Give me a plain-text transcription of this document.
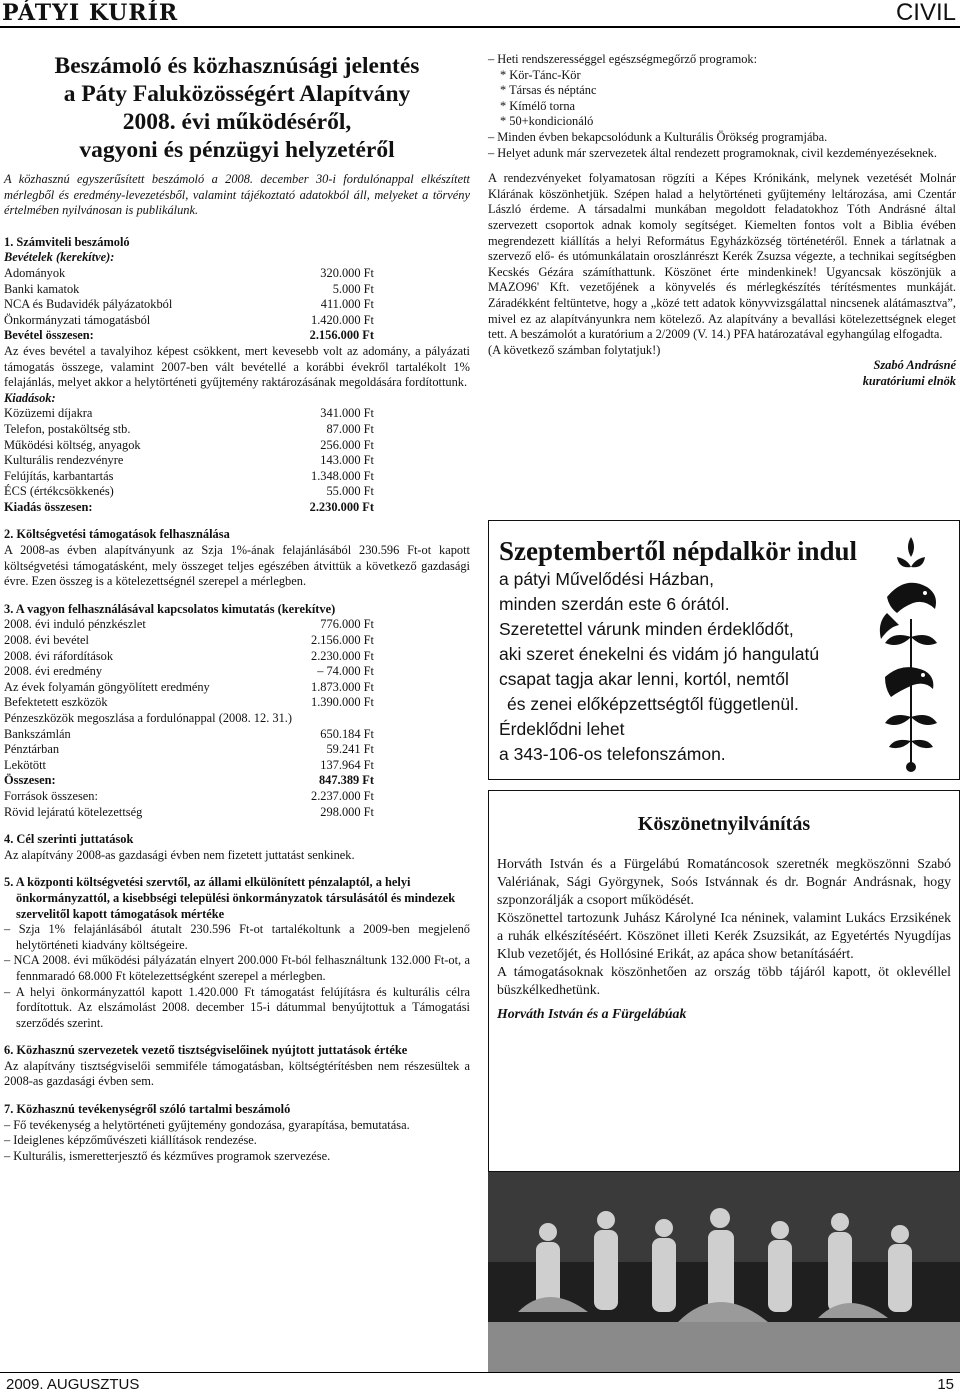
PÁTYI KURÍR	CIVIL
Beszámoló és közhasznúsági jelentés
a Páty Faluközösségért Alapítvány
2008. évi működéséről,
vagyoni és pénzügyi helyzetéről

A közhasznú egyszerűsített beszámoló a 2008. december 30-i fordulónappal elkészített mérlegből és eredmény-levezetésből, valamint tájékoztató adatokból áll, melyeket a törvény értelmében nyilvánosan is publikálunk.

1. Számviteli beszámoló
Bevételek (kerekítve):
Adományok	320.000 Ft
Banki kamatok	5.000 Ft
NCA és Budavidék pályázatokból	411.000 Ft
Önkormányzati támogatásból	1.420.000 Ft
Bevétel összesen:	2.156.000 Ft

Az éves bevétel a tavalyihoz képest csökkent, mert kevesebb volt az adomány, a pályázati támogatás összege, valamint 2007-ben vált bevétellé a korábbi évekről tartalékolt 1% felajánlás, melyet akkor a helytörténeti gyűjtemény raktározásának megoldására fordítottunk.

Kiadások:
Közüzemi díjakra	341.000 Ft
Telefon, postaköltség stb.	87.000 Ft
Működési költség, anyagok	256.000 Ft
Kulturális rendezvényre	143.000 Ft
Felújítás, karbantartás	1.348.000 Ft
ÉCS (értékcsökkenés)	55.000 Ft
Kiadás összesen:	2.230.000 Ft
2. Költségvetési támogatások felhasználása

A 2008-as évben alapítványunk az Szja 1%-ának felajánlásából 230.596 Ft-ot kapott költségvetési támogatásként, mely összeget teljes egészében átvittük a következő gazdasági évre. Ezen összeg is a kötelezettségnél szerepel a mérlegben.

3. A vagyon felhasználásával kapcsolatos kimutatás (kerekítve)
2008. évi induló pénzkészlet	776.000 Ft
2008. évi bevétel	2.156.000 Ft
2008. évi ráfordítások	2.230.000 Ft
2008. évi eredmény	– 74.000 Ft
Az évek folyamán göngyölített eredmény	1.873.000 Ft
Befektetett eszközök	1.390.000 Ft
Pénzeszközök megoszlása a fordulónappal (2008. 12. 31.)
Bankszámlán	650.184 Ft
Pénztárban	59.241 Ft
Lekötött	137.964 Ft
Összesen:	847.389 Ft
Források összesen:	2.237.000 Ft
Rövid lejáratú kötelezettség	298.000 Ft
4. Cél szerinti juttatások

Az alapítvány 2008-as gazdasági évben nem fizetett juttatást senkinek.

5. A központi költségvetési szervtől, az állami elkülönített pénzalaptól, a helyi önkormányzattól, a kisebbségi települési önkormányzatok társulásától és mindezek szervelitől kapott támogatások mértéke

– Szja 1% felajánlásából átutalt 230.596 Ft-ot tartalékoltunk a 2009-ben megjelenő helytörténeti kiadvány költségeire.

– NCA 2008. évi működési pályázatán elnyert 200.000 Ft-ból felhasználtunk 132.000 Ft-ot, a fennmaradó 68.000 Ft kötelezettségként szerepel a mérlegben.

– A helyi önkormányzattól kapott 1.420.000 Ft támogatást felújításra és kulturális célra fordítottuk. Az elszámolást 2008. december 15-i dátummal benyújtottuk a Támogatási szerződés szerint.

6. Közhasznú szervezetek vezető tisztségviselőinek nyújtott juttatások értéke

Az alapítvány tisztségviselői semmiféle támogatásban, költségtérítésben nem részesültek a 2008-as gazdasági évben sem.

7. Közhasznú tevékenységről szóló tartalmi beszámoló

– Fő tevékenység a helytörténeti gyűjtemény gondozása, gyarapítása, bemutatása.

– Ideiglenes képzőművészeti kiállítások rendezése.

– Kulturális, ismeretterjesztő és kézműves programok szervezése.

– Heti rendszerességgel egészségmegőrző programok:

* Kör-Tánc-Kör

* Társas és néptánc

* Kímélő torna

* 50+kondicionáló

– Minden évben bekapcsolódunk a Kulturális Örökség programjába.

– Helyet adunk már szervezetek által rendezett programoknak, civil kezdeményezéseknek.

A rendezvényeket folyamatosan rögzíti a Képes Krónikánk, melynek vezetését Molnár Klárának köszönhetjük. Szépen halad a helytörténeti gyűjtemény leltározása, ami Czentár László érdeme. A társadalmi munkában megoldott feladatokhoz Tóth Andrásné által szervezett csoportok adnak komoly segítséget. Kiemelten fontos volt a Biblia évében megrendezett kiállítás a helyi Református Egyházközség történetéről. Ennek a tárlatnak a szervező elő- és utómunkálatain oroszlánrészt Kerék Zsuzsa végezte, a technikai segítségben Kecskés Gézára számíthattunk. Köszönet érte mindenkinek! Ugyancsak köszönjük a MAZO96' Kft. vezetőjének a könyvelés és mérlegkészítés térítésmentes munkáját. Záradékként feltüntetve, hogy a „közé tett adatok könyvvizsgálattal nincsenek alátámasztva”, mivel ez az alapítványunkra nem kötelező. Az alapítvány a bevallási kötelezettségnek eleget tett. A beszámolót a kuratórium a 2/2009 (V. 14.) PFA határozatával egyhangúlag elfogadta.

(A következő számban folytatjuk!)

Szabó Andrásné

kuratóriumi elnök

Szeptembertől népdalkör indul
a pátyi Művelődési Házban,
minden szerdán este 6 órától.
Szeretettel várunk minden érdeklődőt,
aki szeret énekelni és vidám jó hangulatú
csapat tagja akar lenni, kortól, nemtől
és zenei előképzettségtől függetlenül.
Érdeklődni lehet
a 343-106-os telefonszámon.
Köszönetnyilvánítás

Horváth István és a Fürgelábú Romatáncosok szeretnék megköszönni Szabó Valériának, Sági Györgynek, Soós Istvánnak és dr. Bognár Andrásnak, hogy szponzorálják a csoport működését.

Köszönettel tartozunk Juhász Károlyné Ica néninek, valamint Lukács Erzsikének a ruhák elkészítéséért. Köszönet illeti Kerék Zsuzsikát, az Egyetértés Nyugdíjas Klub vezetőjét, és Hollósiné Erikát, az apáca show betanításáért.

A támogatásoknak köszönhetően az ország több tájáról kapott, öt oklevéllel büszkélkedhetünk.

Horváth István és a Fürgelábúak

2009. AUGUSZTUS	15
